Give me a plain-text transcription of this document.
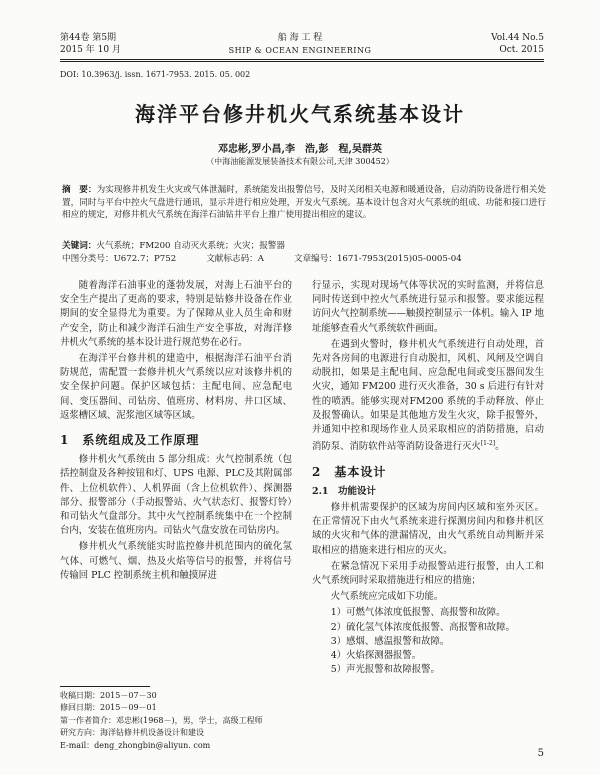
第44卷 第5期
2015 年 10 月
船 海 工 程
SHIP & OCEAN ENGINEERING
Vol.44 No.5
Oct. 2015
DOI: 10.3963/j. issn. 1671-7953. 2015. 05. 002
海洋平台修井机火气系统基本设计
邓忠彬,罗小昌,李　浩,彭　程,吴群英
（中海油能源发展装备技术有限公司,天津 300452）
摘　要：为实现修井机发生火灾或气体泄漏时，系统能发出报警信号，及时关闭相关电源和暖通设备，启动消防设备进行相关处置，同时与平台中控火气盘进行通讯，显示并进行相应处理，开发火气系统。基本设计包含对火气系统的组成、功能和接口进行相应的规定，对修井机火气系统在海洋石油钻井平台上推广使用提出相应的建议。
关键词：火气系统；FM200 自动灭火系统；火灾；报警器
中图分类号：U672.7；P752	文献标志码：A	文章编号：1671-7953(2015)05-0005-04

随着海洋石油事业的蓬勃发展，对海上石油平台的安全生产提出了更高的要求，特别是钻修井设备在作业期间的安全显得尤为重要。为了保障从业人员生命和财产安全，防止和减少海洋石油生产安全事故，对海洋修井机火气系统的基本设计进行规范势在必行。

在海洋平台修井机的建造中，根据海洋石油平台消防规范，需配置一套修井机火气系统以应对该修井机的安全保护问题。保护区域包括：主配电间、应急配电间、变压器间、司钻房、值班房、材料房、井口区域、返浆槽区域、泥浆池区域等区域。

1　系统组成及工作原理

修井机火气系统由 5 部分组成：火气控制系统（包括控制盘及各种按钮和灯、UPS 电源、PLC及其附属部件、上位机软件）、人机界面（含上位机软件）、探测器部分、报警部分（手动报警站、火气状态灯、报警灯铃）和司钻火气盘部分。其中火气控制系统集中在一个控制台内，安装在值班房内。司钻火气盘安放在司钻房内。

修井机火气系统能实时监控修井机范围内的硫化氢气体、可燃气、烟、热及火焰等信号的报警，并将信号传输回 PLC 控制系统主机和触摸屏进

收稿日期：2015－07－30
修回日期：2015－09－01
第一作者简介：邓忠彬(1968－)，男，学士，高级工程师
研究方向：海洋钻修井机设备设计和建设
E-mail：deng_zhongbin@aliyun. com

行显示，实现对现场气体等状况的实时监测，并将信息同时传送到中控火气系统进行显示和报警。要求能远程访问火气控制系统——触摸控制显示一体机。输入 IP 地址能够查看火气系统软件画面。

在遇到火警时，修井机火气系统进行自动处理，首先对各房间的电源进行自动脱扣，风机、风闸及空调自动脱扣，如果是主配电间、应急配电间或变压器间发生火灾，通知 FM200 进行灭火准备，30 s 后进行有针对性的喷洒。能够实现对FM200 系统的手动释放、停止及报警确认。如果是其他地方发生火灾，除手报警外，并通知中控和现场作业人员采取相应的消防措施，启动消防泵、消防软件站等消防设备进行灭火[1-2]。

2　基本设计
2.1　功能设计

修井机需要保护的区域为房间内区域和室外灭区。在正常情况下由火气系统来进行探测房间内和修井机区域的火灾和气体的泄漏情况，由火气系统自动判断并采取相应的措施来进行相应的灭火。

在紧急情况下采用手动报警站进行报警，由人工和火气系统同时采取措施进行相应的措施；

火气系统应完成如下功能。

1）可燃气体浓度低报警、高报警和故障。
2）硫化氢气体浓度低报警、高报警和故障。
3）感烟、感温报警和故障。
4）火焰探测器报警。
5）声光报警和故障报警。
5
